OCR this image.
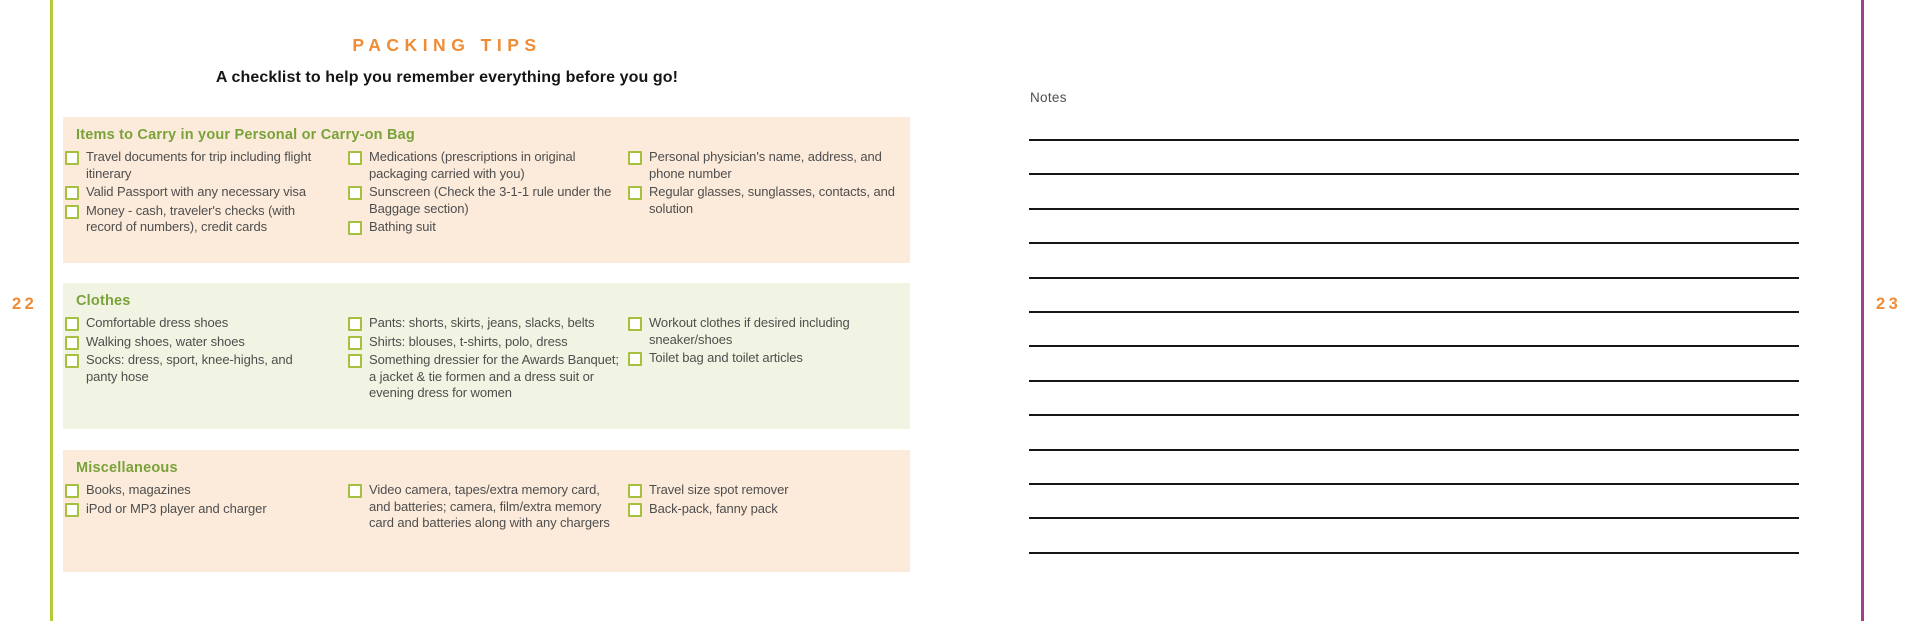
22	23
PACKING TIPS
A checklist to help you remember everything before you go!
Items to Carry in your Personal or Carry-on Bag
Travel documents for trip including flight itinerary
Valid Passport with any necessary visa
Money - cash, traveler's checks (with record of numbers), credit cards
Medications (prescriptions in original packaging carried with you)
Sunscreen (Check the 3-1-1 rule under the Baggage section)
Bathing suit
Personal physician's name, address, and phone number
Regular glasses, sunglasses, contacts, and solution
Clothes
Comfortable dress shoes
Walking shoes, water shoes
Socks: dress, sport, knee-highs, and panty hose
Pants: shorts, skirts, jeans, slacks, belts
Shirts: blouses, t-shirts, polo, dress
Something dressier for the Awards Banquet; a jacket & tie formen and a dress suit or evening dress for women
Workout clothes if desired including sneaker/shoes
Toilet bag and toilet articles
Miscellaneous
Books, magazines
iPod or MP3 player and charger
Video camera, tapes/extra memory card, and batteries; camera, film/extra memory card and batteries along with any chargers
Travel size spot remover
Back-pack, fanny pack
Notes
